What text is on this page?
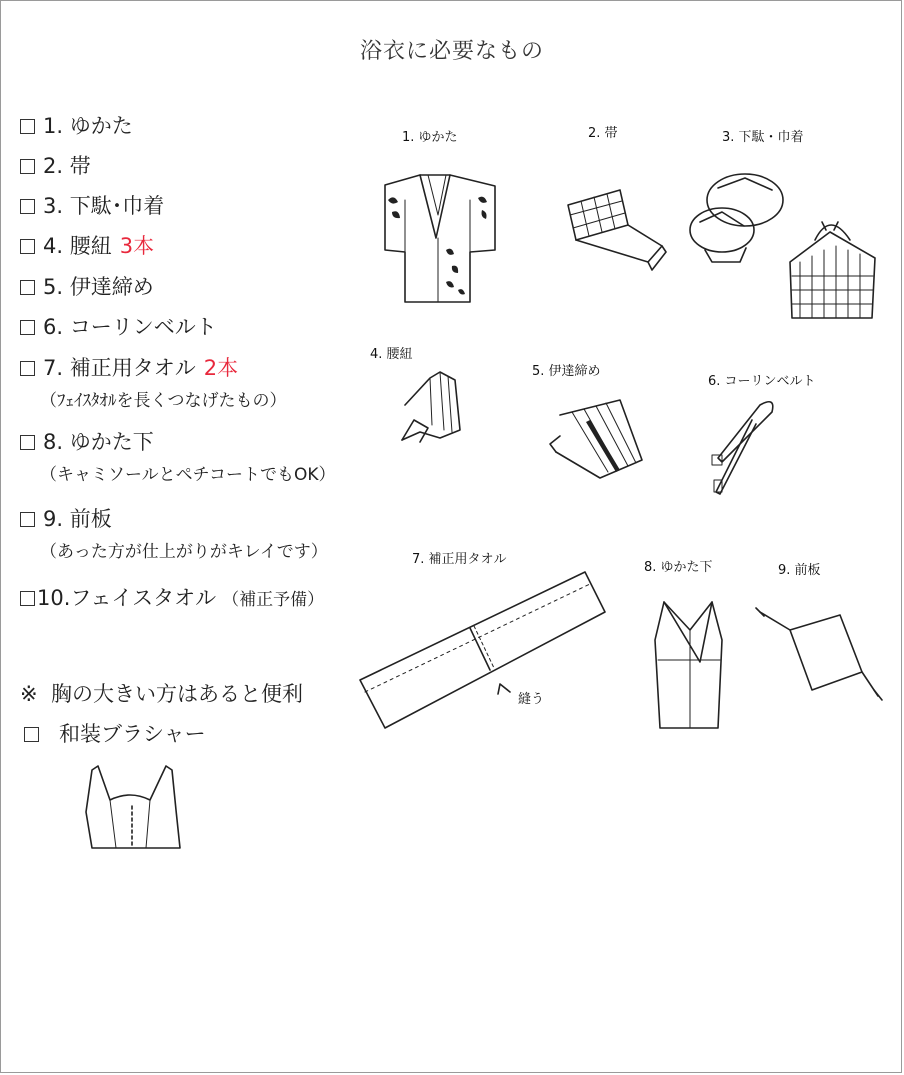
浴衣に必要なもの
1. ゆかた
2. 帯
3. 下駄･巾着
4. 腰紐 3本
5. 伊達締め
6. コーリンベルト
7. 補正用タオル 2本
（ﾌｪｲｽﾀｵﾙを長くつなげたもの）
8. ゆかた下
（キャミソールとペチコートでもOK）
9. 前板
（あった方が仕上がりがキレイです）
10.フェイスタオル （補正予備）
※ 胸の大きい方はあると便利
和装ブラシャー
1. ゆかた	2. 帯	3. 下駄・巾着
4. 腰紐
5. 伊達締め
6. コーリンベルト
7. 補正用タオル
縫う
8. ゆかた下	9. 前板
